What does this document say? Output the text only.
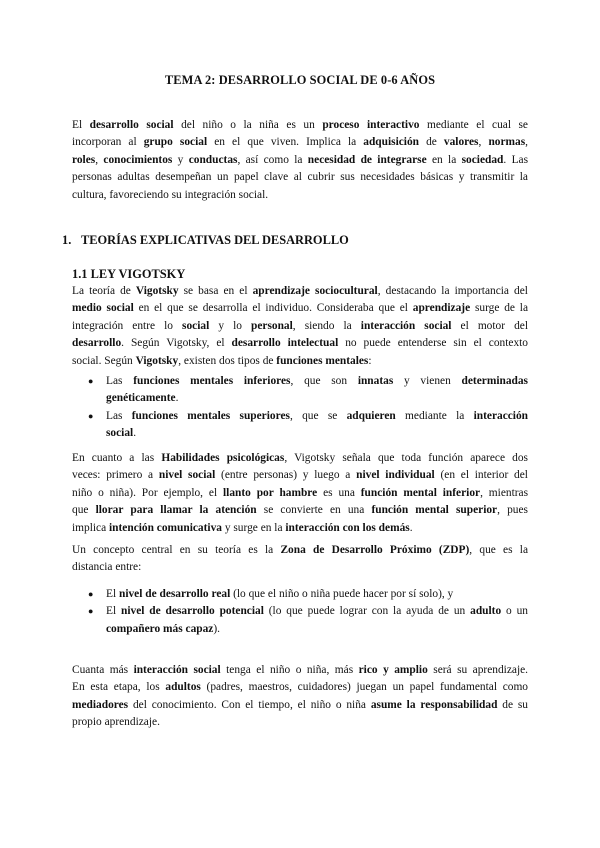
TEMA 2: DESARROLLO SOCIAL DE 0-6 AÑOS
El desarrollo social del niño o la niña es un proceso interactivo mediante el cual se
incorporan al grupo social en el que viven. Implica la adquisición de valores, normas,
roles, conocimientos y conductas, así como la necesidad de integrarse en la sociedad. Las
personas adultas desempeñan un papel clave al cubrir sus necesidades básicas y transmitir la
cultura, favoreciendo su integración social.
1. TEORÍAS EXPLICATIVAS DEL DESARROLLO
1.1 LEY VIGOTSKY
La teoría de Vigotsky se basa en el aprendizaje sociocultural, destacando la importancia del
medio social en el que se desarrolla el individuo. Consideraba que el aprendizaje surge de la
integración entre lo social y lo personal, siendo la interacción social el motor del
desarrollo. Según Vigotsky, el desarrollo intelectual no puede entenderse sin el contexto
social. Según Vigotsky, existen dos tipos de funciones mentales:
● Las funciones mentales inferiores, que son innatas y vienen determinadas
genéticamente.
● Las funciones mentales superiores, que se adquieren mediante la interacción
social.
En cuanto a las Habilidades psicológicas, Vigotsky señala que toda función aparece dos
veces: primero a nivel social (entre personas) y luego a nivel individual (en el interior del
niño o niña). Por ejemplo, el llanto por hambre es una función mental inferior, mientras
que llorar para llamar la atención se convierte en una función mental superior, pues
implica intención comunicativa y surge en la interacción con los demás.
Un concepto central en su teoría es la Zona de Desarrollo Próximo (ZDP), que es la
distancia entre:
● El nivel de desarrollo real (lo que el niño o niña puede hacer por sí solo), y
● El nivel de desarrollo potencial (lo que puede lograr con la ayuda de un adulto o un
compañero más capaz).
Cuanta más interacción social tenga el niño o niña, más rico y amplio será su aprendizaje.
En esta etapa, los adultos (padres, maestros, cuidadores) juegan un papel fundamental como
mediadores del conocimiento. Con el tiempo, el niño o niña asume la responsabilidad de su
propio aprendizaje.
